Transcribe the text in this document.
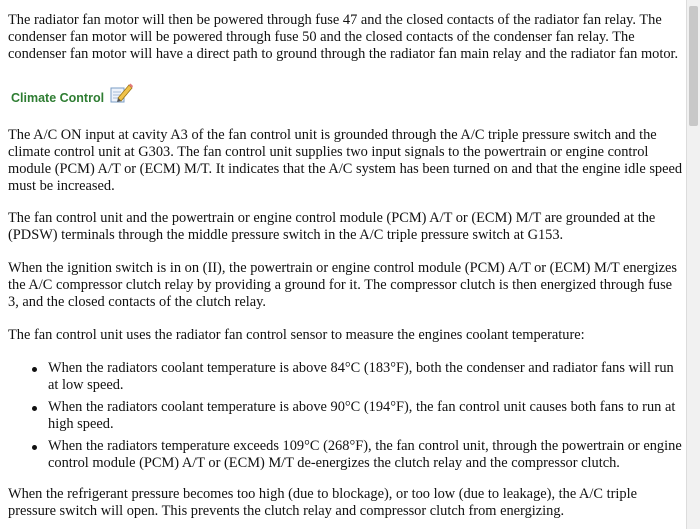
The radiator fan motor will then be powered through fuse 47 and the closed contacts of the radiator fan relay. The condenser fan motor will be powered through fuse 50 and the closed contacts of the condenser fan relay. The condenser fan motor will have a direct path to ground through the radiator fan main relay and the radiator fan motor.

Climate Control

The A/C ON input at cavity A3 of the fan control unit is grounded through the A/C triple pressure switch and the climate control unit at G303. The fan control unit supplies two input signals to the powertrain or engine control module (PCM) A/T or (ECM) M/T. It indicates that the A/C system has been turned on and that the engine idle speed must be increased.

The fan control unit and the powertrain or engine control module (PCM) A/T or (ECM) M/T are grounded at the (PDSW) terminals through the middle pressure switch in the A/C triple pressure switch at G153.

When the ignition switch is in on (II), the powertrain or engine control module (PCM) A/T or (ECM) M/T energizes the A/C compressor clutch relay by providing a ground for it. The compressor clutch is then energized through fuse 3, and the closed contacts of the clutch relay.

The fan control unit uses the radiator fan control sensor to measure the engines coolant temperature:

When the radiators coolant temperature is above 84°C (183°F), both the condenser and radiator fans will run at low speed.
When the radiators coolant temperature is above 90°C (194°F), the fan control unit causes both fans to run at high speed.
When the radiators temperature exceeds 109°C (268°F), the fan control unit, through the powertrain or engine control module (PCM) A/T or (ECM) M/T de-energizes the clutch relay and the compressor clutch.

When the refrigerant pressure becomes too high (due to blockage), or too low (due to leakage), the A/C triple pressure switch will open. This prevents the clutch relay and compressor clutch from energizing.
